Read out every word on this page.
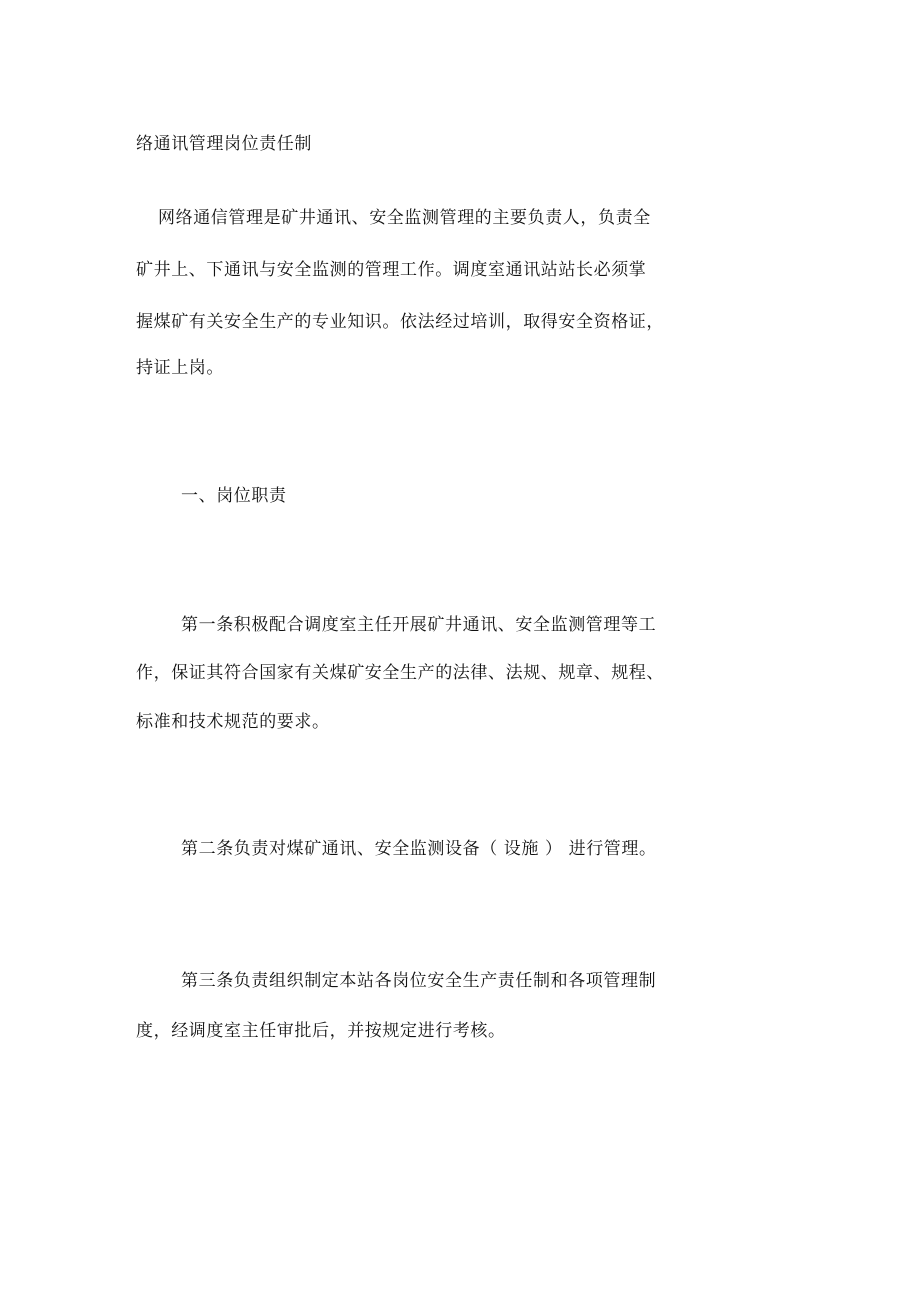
络通讯管理岗位责任制
网络通信管理是矿井通讯、安全监测管理的主要负责人，负责全
矿井上、下通讯与安全监测的管理工作。调度室通讯站站长必须掌
握煤矿有关安全生产的专业知识。依法经过培训，取得安全资格证，
持证上岗。
一、岗位职责
第一条积极配合调度室主任开展矿井通讯、安全监测管理等工
作，保证其符合国家有关煤矿安全生产的法律、法规、规章、规程、
标准和技术规范的要求。
第二条负责对煤矿通讯、安全监测设备（ 设施 ） 进行管理。
第三条负责组织制定本站各岗位安全生产责任制和各项管理制
度，经调度室主任审批后，并按规定进行考核。
